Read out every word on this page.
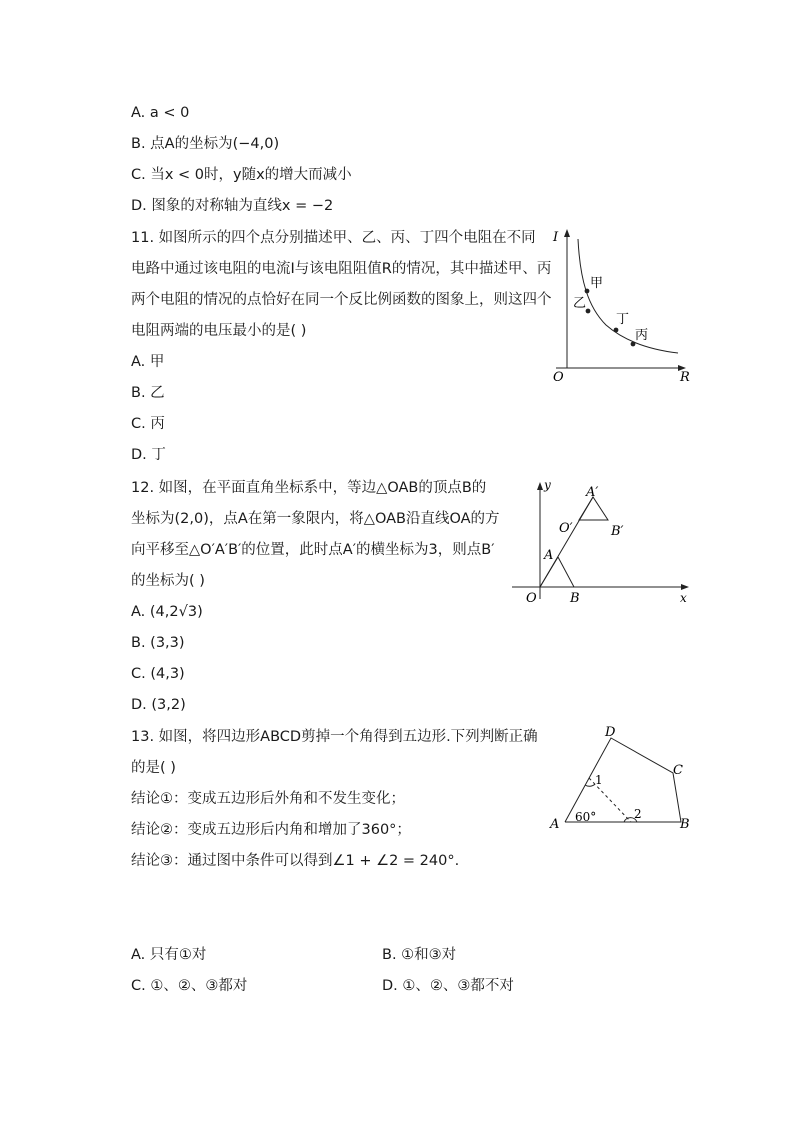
A. a < 0
B. 点A的坐标为(−4,0)
C. 当x < 0时，y随x的增大而减小
D. 图象的对称轴为直线x = −2
11. 如图所示的四个点分别描述甲、乙、丙、丁四个电阻在不同
电路中通过该电阻的电流I与该电阻阻值R的情况，其中描述甲、丙
两个电阻的情况的点恰好在同一个反比例函数的图象上，则这四个
电阻两端的电压最小的是( )
A. 甲
B. 乙
C. 丙
D. 丁
I
R
O
甲
乙
丁
丙
12. 如图，在平面直角坐标系中，等边△OAB的顶点B的
坐标为(2,0)，点A在第一象限内，将△OAB沿直线OA的方
向平移至△O′A′B′的位置，此时点A′的横坐标为3，则点B′
的坐标为( )
A. (4,2√3)
B. (3,3)
C. (4,3)
D. (3,2)
y
x
O
A
B
A′
O′	B′
13. 如图，将四边形ABCD剪掉一个角得到五边形.下列判断正确
的是( )
结论①：变成五边形后外角和不发生变化；
结论②：变成五边形后内角和增加了360°；
结论③：通过图中条件可以得到∠1 + ∠2 = 240°.
A	B
C
D
60°
1
2
A. 只有①对	B. ①和③对
C. ①、②、③都对	D. ①、②、③都不对
